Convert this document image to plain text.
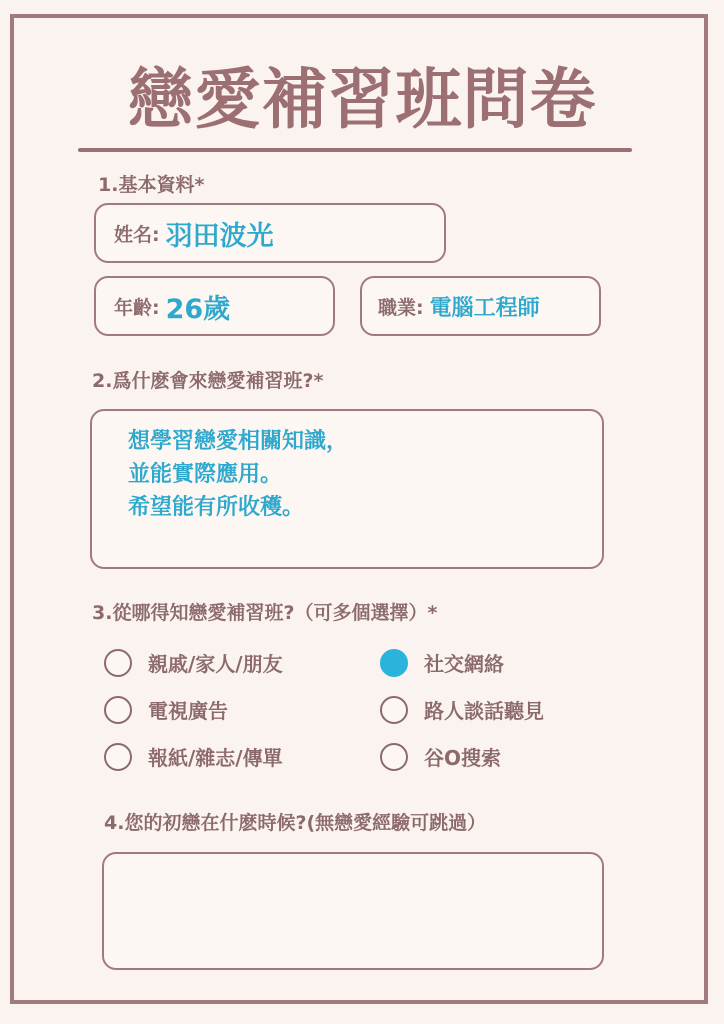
戀愛補習班問卷
1.基本資料*
姓名: 羽田波光
年齡: 26歲	職業: 電腦工程師
2.爲什麽會來戀愛補習班?*
想學習戀愛相關知識，
並能實際應用。
希望能有所收穫。
3.從哪得知戀愛補習班?（可多個選擇）*
親戚/家人/朋友	社交網絡
電視廣告	路人談話聽見
報紙/雜志/傳單	谷O搜索
4.您的初戀在什麽時候?(無戀愛經驗可跳過）
